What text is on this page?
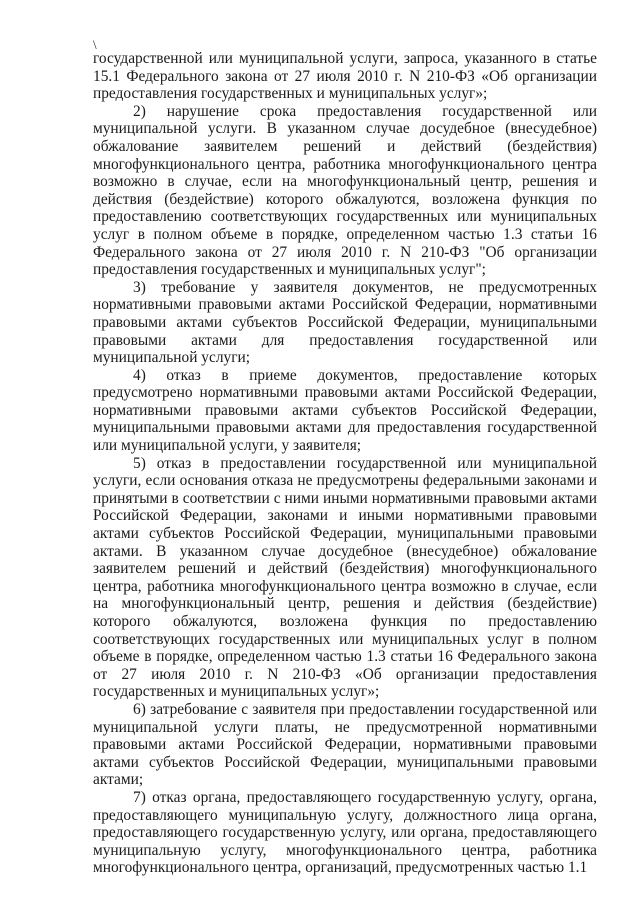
\

государственной или муниципальной услуги, запроса, указанного в статье 15.1 Федерального закона от 27 июля 2010 г. N 210-ФЗ «Об организации предоставления государственных и муниципальных услуг»;

2) нарушение срока предоставления государственной или муниципальной услуги. В указанном случае досудебное (внесудебное) обжалование заявителем решений и действий (бездействия) многофункционального центра, работника многофункционального центра возможно в случае, если на многофункциональный центр, решения и действия (бездействие) которого обжалуются, возложена функция по предоставлению соответствующих государственных или муниципальных услуг в полном объеме в порядке, определенном частью 1.3 статьи 16 Федерального закона от 27 июля 2010 г. N 210-ФЗ "Об организации предоставления государственных и муниципальных услуг";

3) требование у заявителя документов, не предусмотренных нормативными правовыми актами Российской Федерации, нормативными правовыми актами субъектов Российской Федерации, муниципальными правовыми актами для предоставления государственной или муниципальной услуги;

4) отказ в приеме документов, предоставление которых предусмотрено нормативными правовыми актами Российской Федерации, нормативными правовыми актами субъектов Российской Федерации, муниципальными правовыми актами для предоставления государственной или муниципальной услуги, у заявителя;

5) отказ в предоставлении государственной или муниципальной услуги, если основания отказа не предусмотрены федеральными законами и принятыми в соответствии с ними иными нормативными правовыми актами Российской Федерации, законами и иными нормативными правовыми актами субъектов Российской Федерации, муниципальными правовыми актами. В указанном случае досудебное (внесудебное) обжалование заявителем решений и действий (бездействия) многофункционального центра, работника многофункционального центра возможно в случае, если на многофункциональный центр, решения и действия (бездействие) которого обжалуются, возложена функция по предоставлению соответствующих государственных или муниципальных услуг в полном объеме в порядке, определенном частью 1.3 статьи 16 Федерального закона от 27 июля 2010 г. N 210-ФЗ «Об организации предоставления государственных и муниципальных услуг»;

6) затребование с заявителя при предоставлении государственной или муниципальной услуги платы, не предусмотренной нормативными правовыми актами Российской Федерации, нормативными правовыми актами субъектов Российской Федерации, муниципальными правовыми актами;

7) отказ органа, предоставляющего государственную услугу, органа, предоставляющего муниципальную услугу, должностного лица органа, предоставляющего государственную услугу, или органа, предоставляющего муниципальную услугу, многофункционального центра, работника многофункционального центра, организаций, предусмотренных частью 1.1
